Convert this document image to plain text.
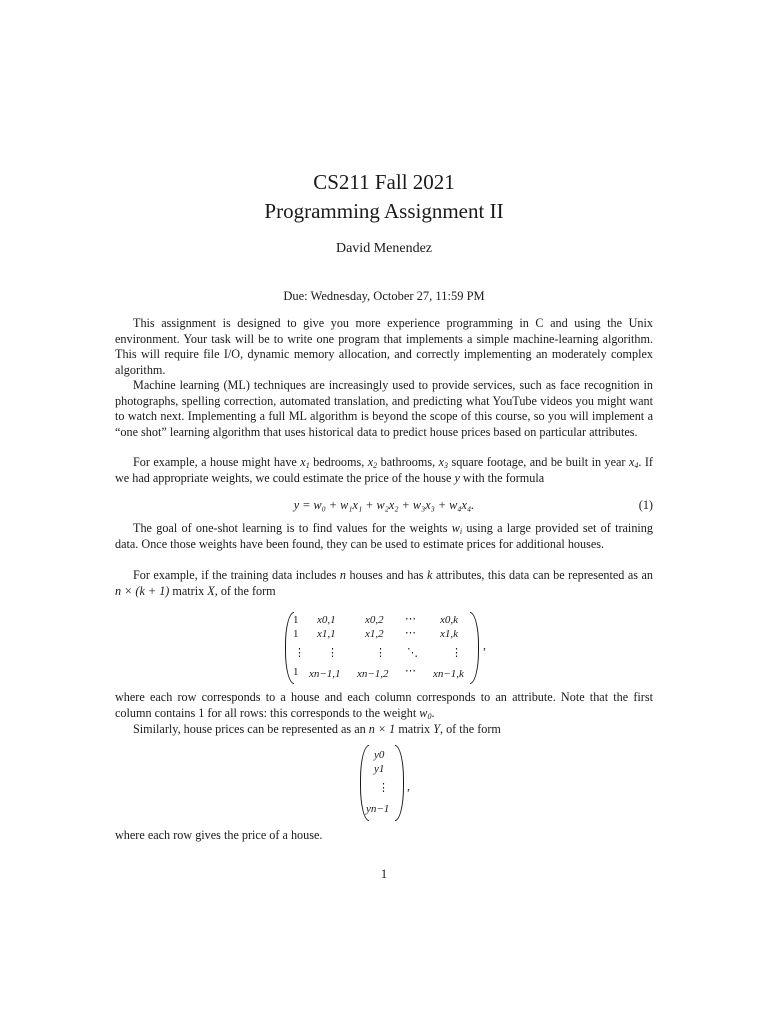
CS211 Fall 2021
Programming Assignment II
David Menendez
Due: Wednesday, October 27, 11:59 PM

This assignment is designed to give you more experience programming in C and using the Unix environment. Your task will be to write one program that implements a simple machine-learning algorithm. This will require file I/O, dynamic memory allocation, and correctly implementing an moderately complex algorithm.

Machine learning (ML) techniques are increasingly used to provide services, such as face recognition in photographs, spelling correction, automated translation, and predicting what YouTube videos you might want to watch next. Implementing a full ML algorithm is beyond the scope of this course, so you will implement a “one shot” learning algorithm that uses historical data to predict house prices based on particular attributes.

For example, a house might have $x_1$ bedrooms, $x_2$ bathrooms, $x_3$ square footage, and be built in year $x_4$. If we had appropriate weights, we could estimate the price of the house y with the formula

y = w₀ + w₁x₁ + w₂x₂ + w₃x₃ + w₄x₄.	(1)

The goal of one-shot learning is to find values for the weights $w_i$ using a large provided set of training data. Once those weights have been found, they can be used to estimate prices for additional houses.

For example, if the training data includes n houses and has k attributes, this data can be represented as an n × (k + 1) matrix X, of the form

1 x0,1	x0,2 ⋯ x0,k
1 x1,1	x1,2 ⋯ x1,k
⋮ ⋮	⋮ ⋱	⋮
1 xn−1,1 xn−1,2 ⋯ xn−1,k
,

where each row corresponds to a house and each column corresponds to an attribute. Note that the first column contains 1 for all rows: this corresponds to the weight $w_0$.

Similarly, house prices can be represented as an n × 1 matrix Y, of the form

y0
y1
⋮
yn−1
,

where each row gives the price of a house.

1
